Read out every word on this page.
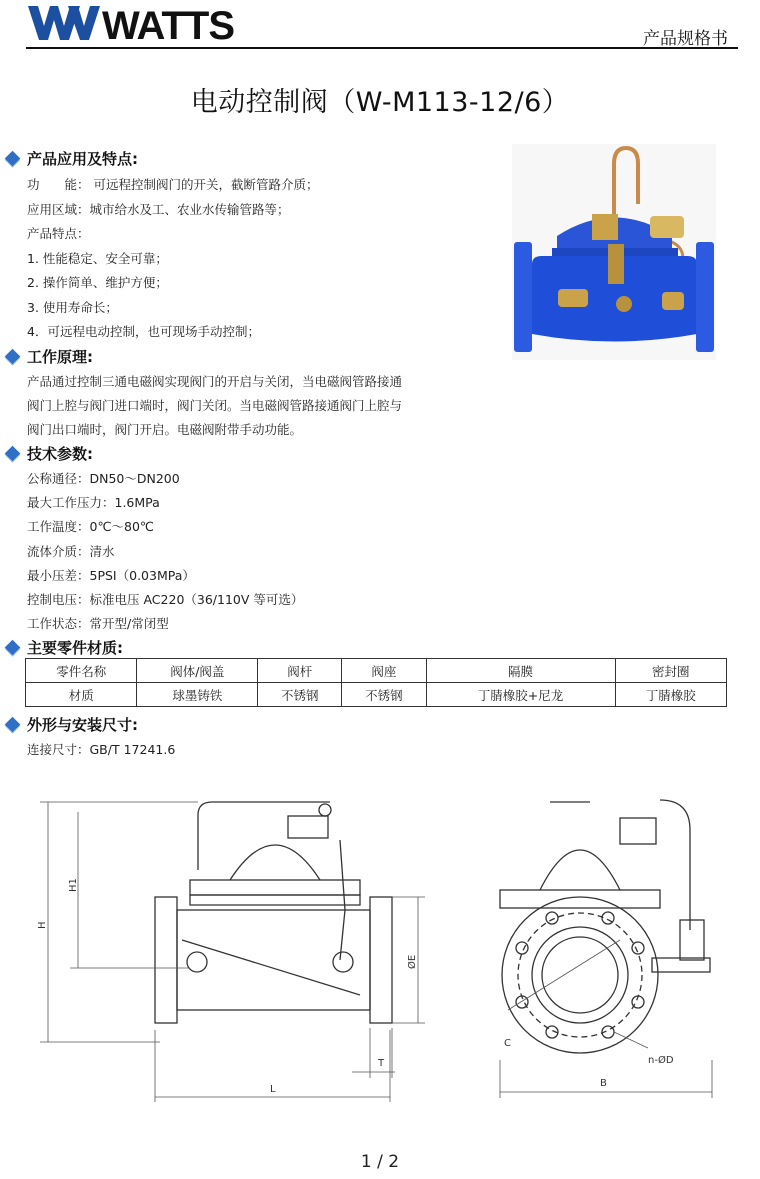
WATTS	产品规格书
电动控制阀（W-M113-12/6）
产品应用及特点:
功　　能： 可远程控制阀门的开关，截断管路介质；
应用区域：城市给水及工、农业水传输管路等；
产品特点：
1. 性能稳定、安全可靠；
2. 操作简单、维护方便；
3. 使用寿命长；
4．可远程电动控制，也可现场手动控制；
工作原理:
产品通过控制三通电磁阀实现阀门的开启与关闭，当电磁阀管路接通
阀门上腔与阀门进口端时，阀门关闭。当电磁阀管路接通阀门上腔与
阀门出口端时，阀门开启。电磁阀附带手动功能。
技术参数:
公称通径：DN50～DN200
最大工作压力：1.6MPa
工作温度：0℃～80℃
流体介质：清水
最小压差：5PSI（0.03MPa）
控制电压：标准电压 AC220（36/110V 等可选）
工作状态：常开型/常闭型
主要零件材质:
零件名称	阀体/阀盖	阀杆	阀座	隔膜	密封圈
材质	球墨铸铁	不锈钢	不锈钢	丁腈橡胶+尼龙	丁腈橡胶
外形与安装尺寸:
连接尺寸：GB/T 17241.6
H
H1
ØE
T
L
C
n-ØD
B
1 / 2
